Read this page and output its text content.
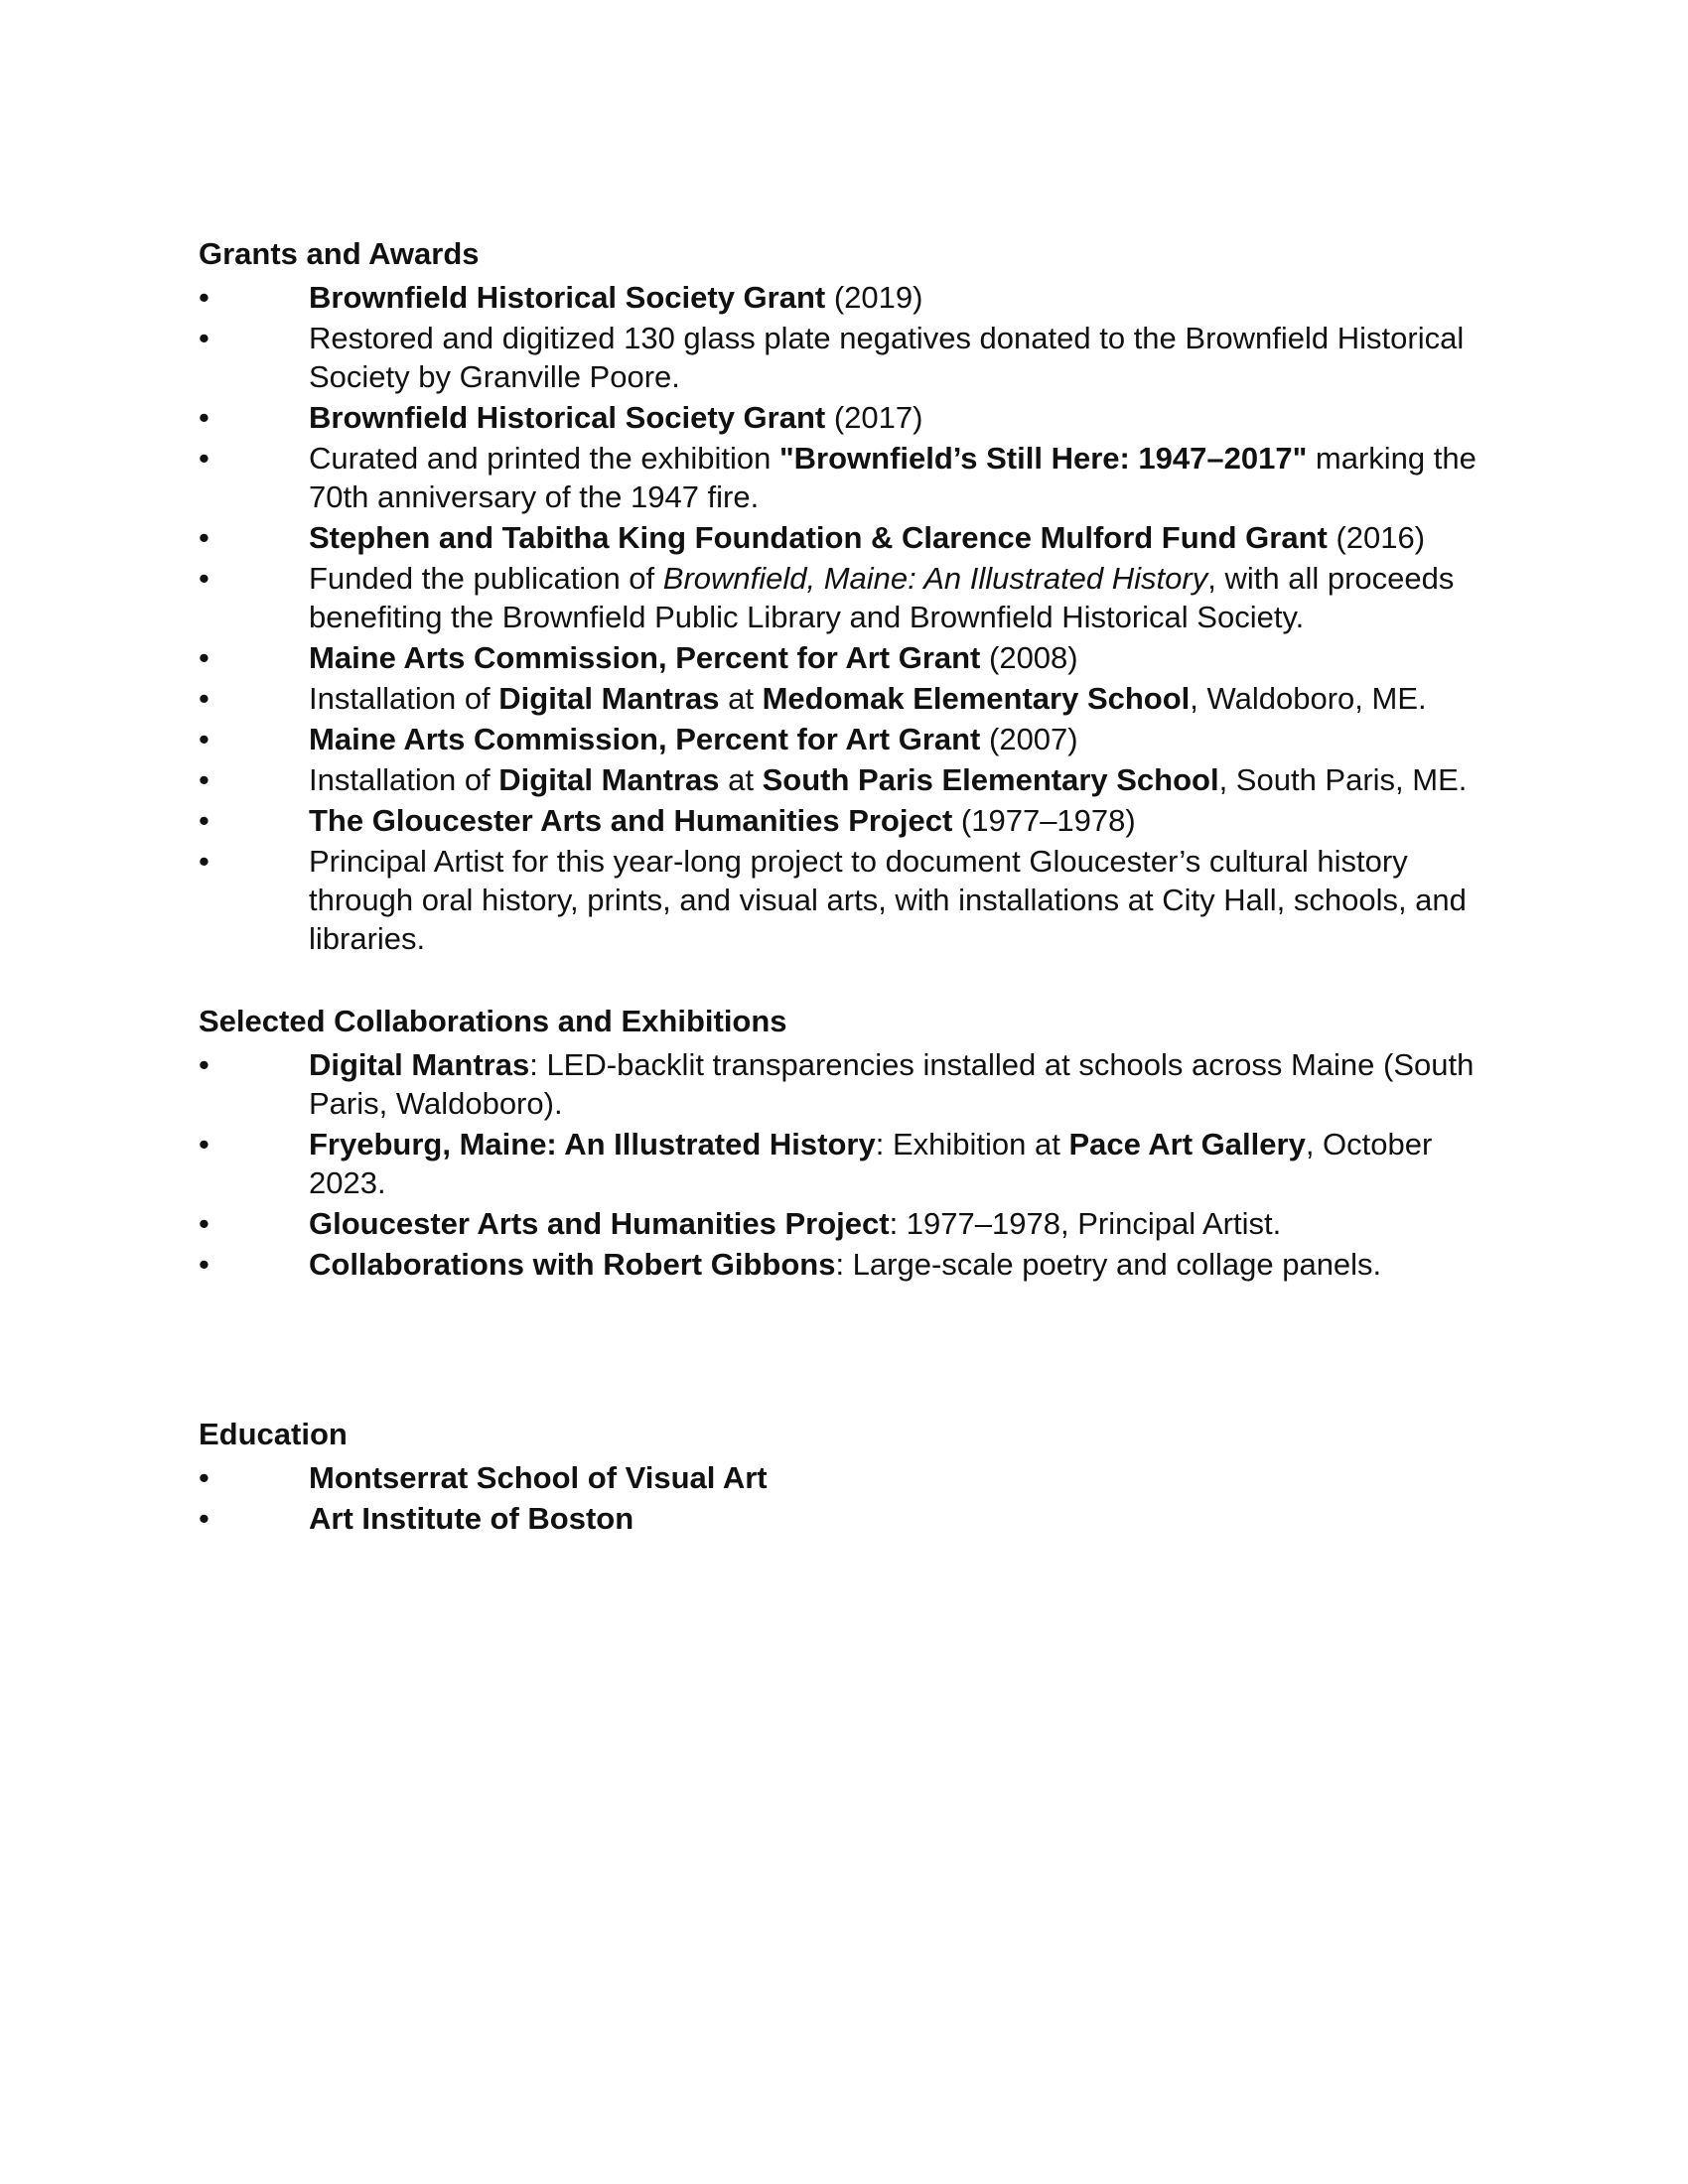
Grants and Awards
•	Brownfield Historical Society Grant (2019)
•	Restored and digitized 130 glass plate negatives donated to the Brownfield Historical Society by Granville Poore.
•	Brownfield Historical Society Grant (2017)
•	Curated and printed the exhibition "Brownfield’s Still Here: 1947–2017" marking the 70th anniversary of the 1947 fire.
•	Stephen and Tabitha King Foundation & Clarence Mulford Fund Grant (2016)
•	Funded the publication of Brownfield, Maine: An Illustrated History, with all proceeds benefiting the Brownfield Public Library and Brownfield Historical Society.
•	Maine Arts Commission, Percent for Art Grant (2008)
•	Installation of Digital Mantras at Medomak Elementary School, Waldoboro, ME.
•	Maine Arts Commission, Percent for Art Grant (2007)
•	Installation of Digital Mantras at South Paris Elementary School, South Paris, ME.
•	The Gloucester Arts and Humanities Project (1977–1978)
•	Principal Artist for this year-long project to document Gloucester’s cultural history through oral history, prints, and visual arts, with installations at City Hall, schools, and libraries.
Selected Collaborations and Exhibitions
•	Digital Mantras: LED-backlit transparencies installed at schools across Maine (South Paris, Waldoboro).
•	Fryeburg, Maine: An Illustrated History: Exhibition at Pace Art Gallery, October 2023.
•	Gloucester Arts and Humanities Project: 1977–1978, Principal Artist.
•	Collaborations with Robert Gibbons: Large-scale poetry and collage panels.
Education
•	Montserrat School of Visual Art
•	Art Institute of Boston
